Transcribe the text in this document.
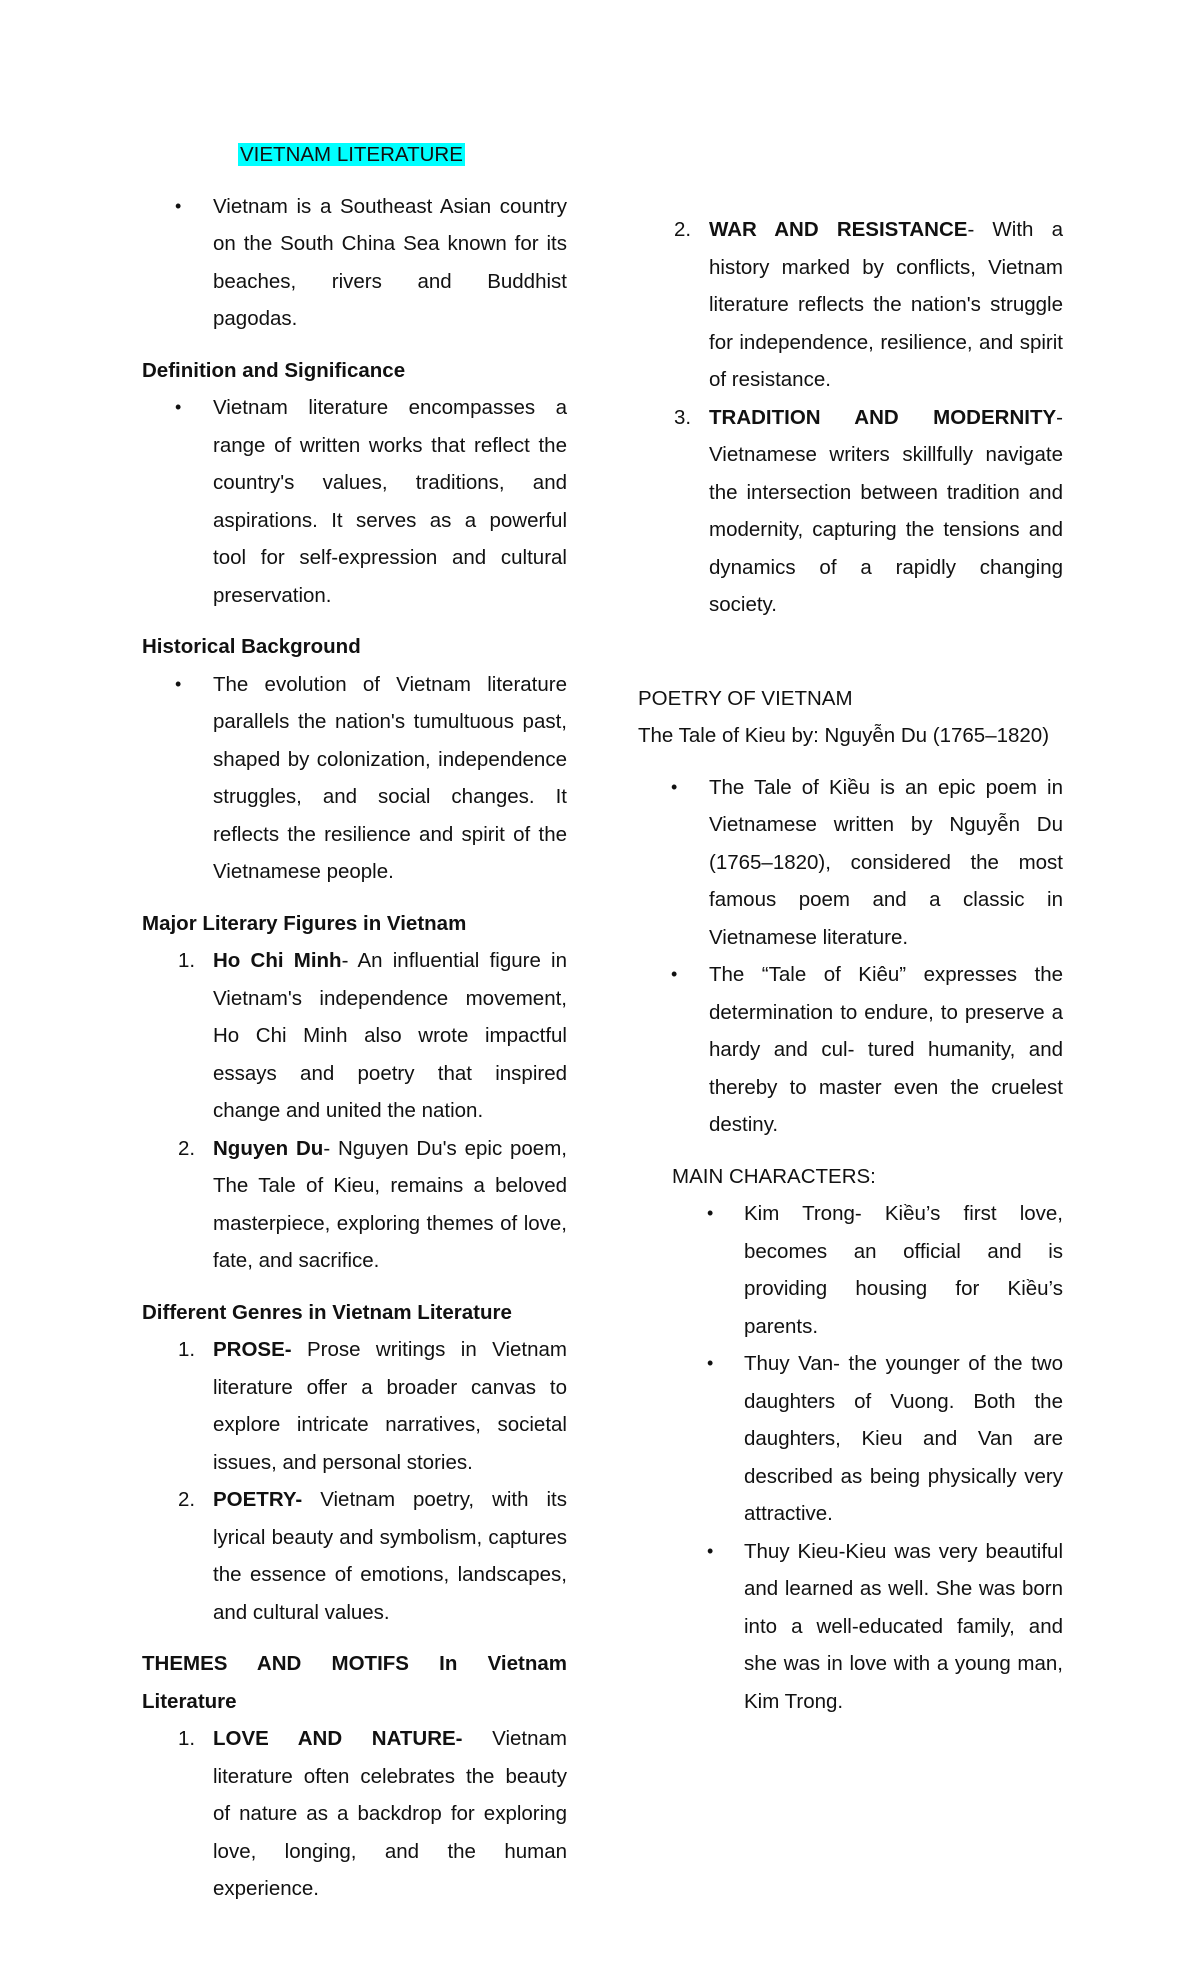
VIETNAM LITERATURE

• Vietnam is a Southeast Asian country on the South China Sea known for its beaches, rivers and Buddhist pagodas.

Definition and Significance

• Vietnam literature encompasses a range of written works that reflect the country's values, traditions, and aspirations. It serves as a powerful tool for self-expression and cultural preservation.

Historical Background

• The evolution of Vietnam literature parallels the nation's tumultuous past, shaped by colonization, independence struggles, and social changes. It reflects the resilience and spirit of the Vietnamese people.

Major Literary Figures in Vietnam

1. Ho Chi Minh- An influential figure in Vietnam's independence movement, Ho Chi Minh also wrote impactful essays and poetry that inspired change and united the nation.
2. Nguyen Du- Nguyen Du's epic poem, The Tale of Kieu, remains a beloved masterpiece, exploring themes of love, fate, and sacrifice.

Different Genres in Vietnam Literature

1. PROSE- Prose writings in Vietnam literature offer a broader canvas to explore intricate narratives, societal issues, and personal stories.
2. POETRY- Vietnam poetry, with its lyrical beauty and symbolism, captures the essence of emotions, landscapes, and cultural values.

THEMES AND MOTIFS In Vietnam Literature

1. LOVE AND NATURE- Vietnam literature often celebrates the beauty of nature as a backdrop for exploring love, longing, and the human experience.
2. WAR AND RESISTANCE- With a history marked by conflicts, Vietnam literature reflects the nation's struggle for independence, resilience, and spirit of resistance.
3. TRADITION AND MODERNITY- Vietnamese writers skillfully navigate the intersection between tradition and modernity, capturing the tensions and dynamics of a rapidly changing society.

POETRY OF VIETNAM

The Tale of Kieu by: Nguyễn Du (1765–1820)

• The Tale of Kiều is an epic poem in Vietnamese written by Nguyễn Du (1765–1820), considered the most famous poem and a classic in Vietnamese literature.
• The “Tale of Kiêu” expresses the determination to endure, to preserve a hardy and cul- tured humanity, and thereby to master even the cruelest destiny.

MAIN CHARACTERS:

• Kim Trong- Kiều’s first love, becomes an official and is providing housing for Kiều’s parents.
• Thuy Van- the younger of the two daughters of Vuong. Both the daughters, Kieu and Van are described as being physically very attractive.
• Thuy Kieu-Kieu was very beautiful and learned as well. She was born into a well-educated family, and she was in love with a young man, Kim Trong.
